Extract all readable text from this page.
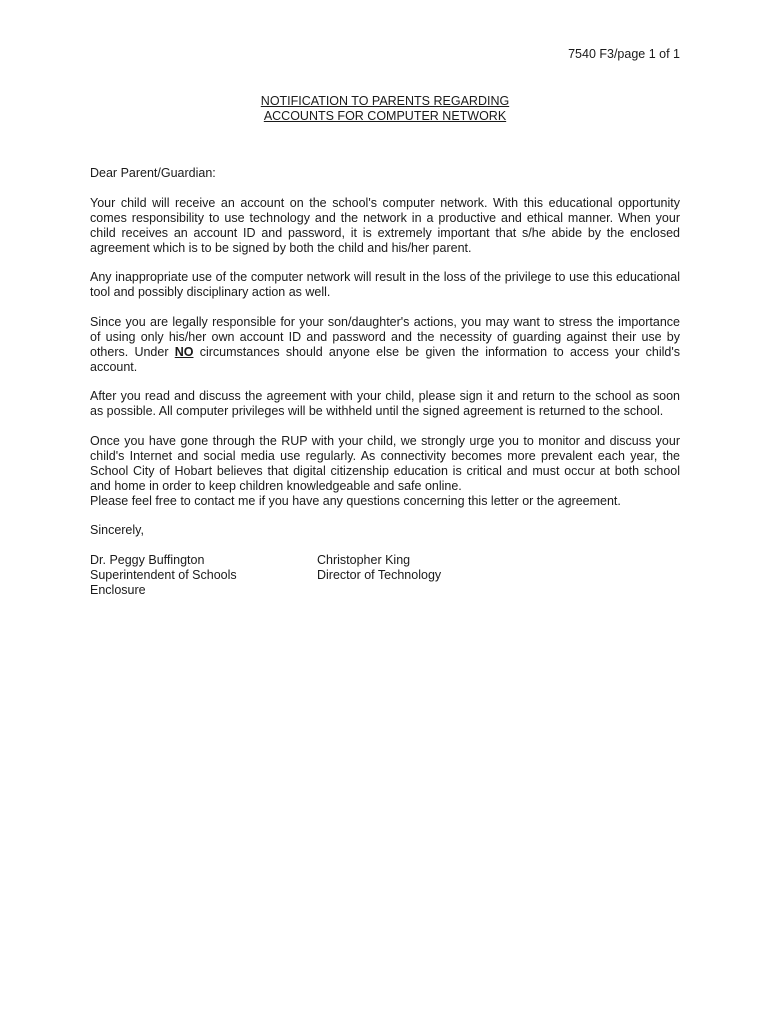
7540 F3/page 1 of 1
NOTIFICATION TO PARENTS REGARDING
ACCOUNTS FOR COMPUTER NETWORK

Dear Parent/Guardian:

Your child will receive an account on the school's computer network. With this educational opportunity comes responsibility to use technology and the network in a productive and ethical manner. When your child receives an account ID and password, it is extremely important that s/he abide by the enclosed agreement which is to be signed by both the child and his/her parent.

Any inappropriate use of the computer network will result in the loss of the privilege to use this educational tool and possibly disciplinary action as well.

Since you are legally responsible for your son/daughter's actions, you may want to stress the importance of using only his/her own account ID and password and the necessity of guarding against their use by others. Under NO circumstances should anyone else be given the information to access your child's account.

After you read and discuss the agreement with your child, please sign it and return to the school as soon as possible. All computer privileges will be withheld until the signed agreement is returned to the school.

Once you have gone through the RUP with your child, we strongly urge you to monitor and discuss your child's Internet and social media use regularly. As connectivity becomes more prevalent each year, the School City of Hobart believes that digital citizenship education is critical and must occur at both school and home in order to keep children knowledgeable and safe online.

Please feel free to contact me if you have any questions concerning this letter or the agreement.

Sincerely,

Dr. Peggy Buffington
Superintendent of Schools
Christopher King
Director of Technology

Enclosure
